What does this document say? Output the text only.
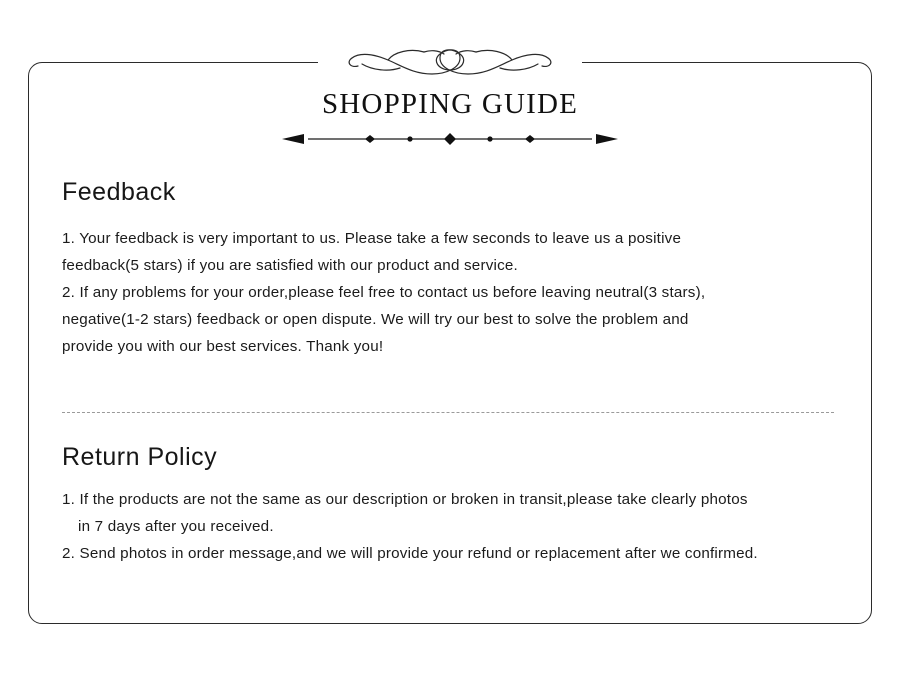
SHOPPING GUIDE
Feedback

1. Your feedback is very important to us. Please take a few seconds to leave us a positive
feedback(5 stars) if you are satisfied with our product and service.
2. If any problems for your order,please feel free to contact us before leaving neutral(3 stars),
negative(1-2 stars) feedback or open dispute. We will try our best to solve the problem and
provide you with our best services. Thank you!

Return Policy

1. If the products are not the same as our description or broken in transit,please take clearly photos
in 7 days after you received.
2. Send photos in order message,and we will provide your refund or replacement after we confirmed.
